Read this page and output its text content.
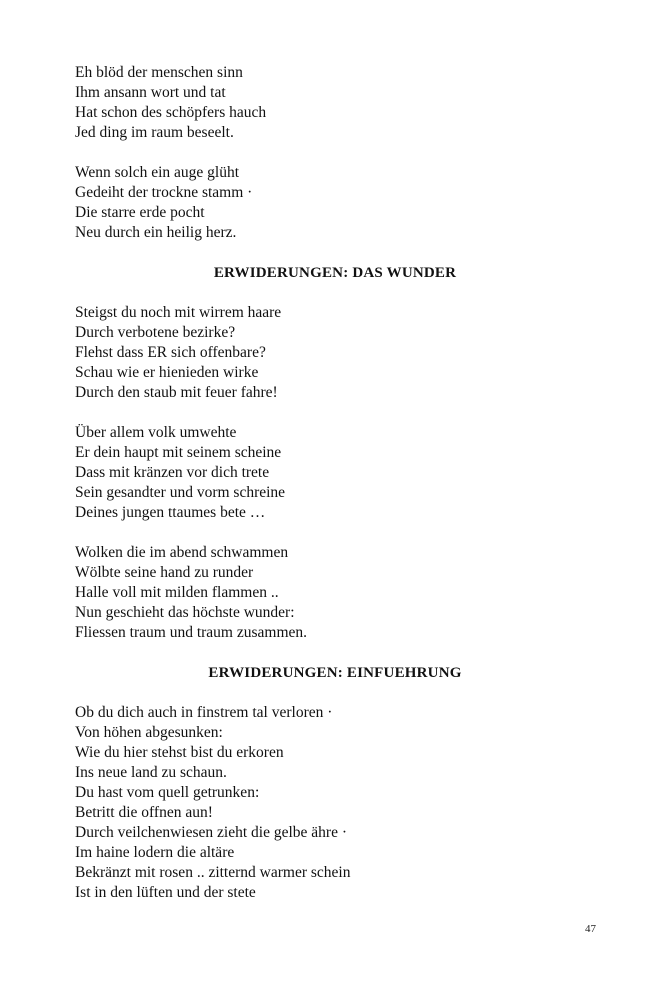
Eh blöd der menschen sinn
Ihm ansann wort und tat
Hat schon des schöpfers hauch
Jed ding im raum beseelt.
Wenn solch ein auge glüht
Gedeiht der trockne stamm ·
Die starre erde pocht
Neu durch ein heilig herz.
ERWIDERUNGEN: DAS WUNDER
Steigst du noch mit wirrem haare
Durch verbotene bezirke?
Flehst dass ER sich offenbare?
Schau wie er hienieden wirke
Durch den staub mit feuer fahre!
Über allem volk umwehte
Er dein haupt mit seinem scheine
Dass mit kränzen vor dich trete
Sein gesandter und vorm schreine
Deines jungen ttaumes bete …
Wolken die im abend schwammen
Wölbte seine hand zu runder
Halle voll mit milden flammen ..
Nun geschieht das höchste wunder:
Fliessen traum und traum zusammen.
ERWIDERUNGEN: EINFUEHRUNG
Ob du dich auch in finstrem tal verloren ·
Von höhen abgesunken:
Wie du hier stehst bist du erkoren
Ins neue land zu schaun.
Du hast vom quell getrunken:
Betritt die offnen aun!
Durch veilchenwiesen zieht die gelbe ähre ·
Im haine lodern die altäre
Bekränzt mit rosen .. zitternd warmer schein
Ist in den lüften und der stete
47
